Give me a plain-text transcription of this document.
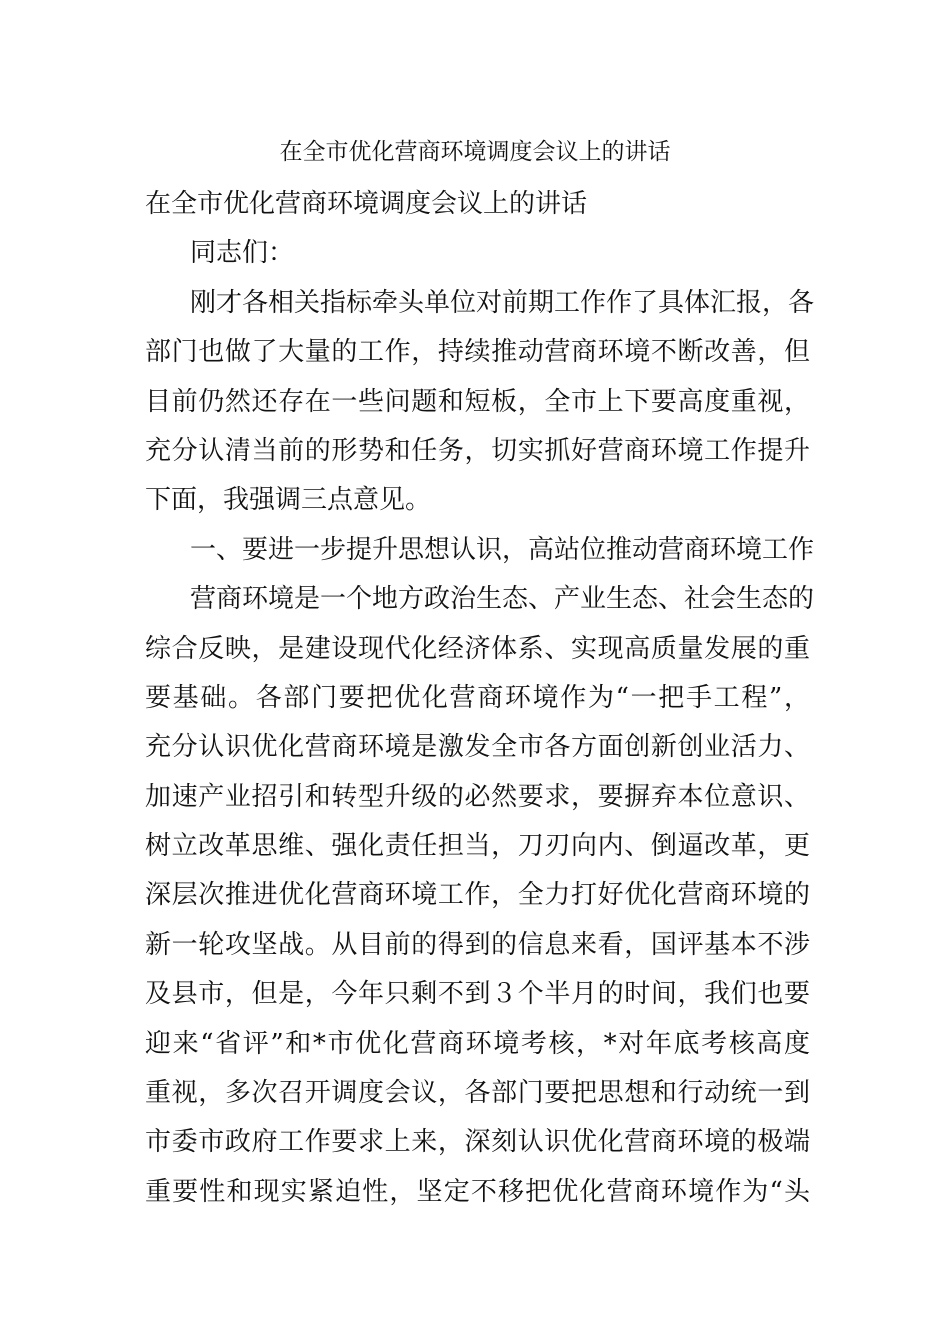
在全市优化营商环境调度会议上的讲话
在全市优化营商环境调度会议上的讲话
同志们：
刚才各相关指标牵头单位对前期工作作了具体汇报，各
部门也做了大量的工作，持续推动营商环境不断改善，但
目前仍然还存在一些问题和短板，全市上下要高度重视，
充分认清当前的形势和任务，切实抓好营商环境工作提升
下面，我强调三点意见。
一、要进一步提升思想认识，高站位推动营商环境工作
营商环境是一个地方政治生态、产业生态、社会生态的
综合反映，是建设现代化经济体系、实现高质量发展的重
要基础。各部门要把优化营商环境作为“一把手工程”，
充分认识优化营商环境是激发全市各方面创新创业活力、
加速产业招引和转型升级的必然要求，要摒弃本位意识、
树立改革思维、强化责任担当，刀刃向内、倒逼改革，更
深层次推进优化营商环境工作，全力打好优化营商环境的
新一轮攻坚战。从目前的得到的信息来看，国评基本不涉
及县市，但是，今年只剩不到３个半月的时间，我们也要
迎来“省评”和*市优化营商环境考核，*对年底考核高度
重视，多次召开调度会议，各部门要把思想和行动统一到
市委市政府工作要求上来，深刻认识优化营商环境的极端
重要性和现实紧迫性，坚定不移把优化营商环境作为“头
